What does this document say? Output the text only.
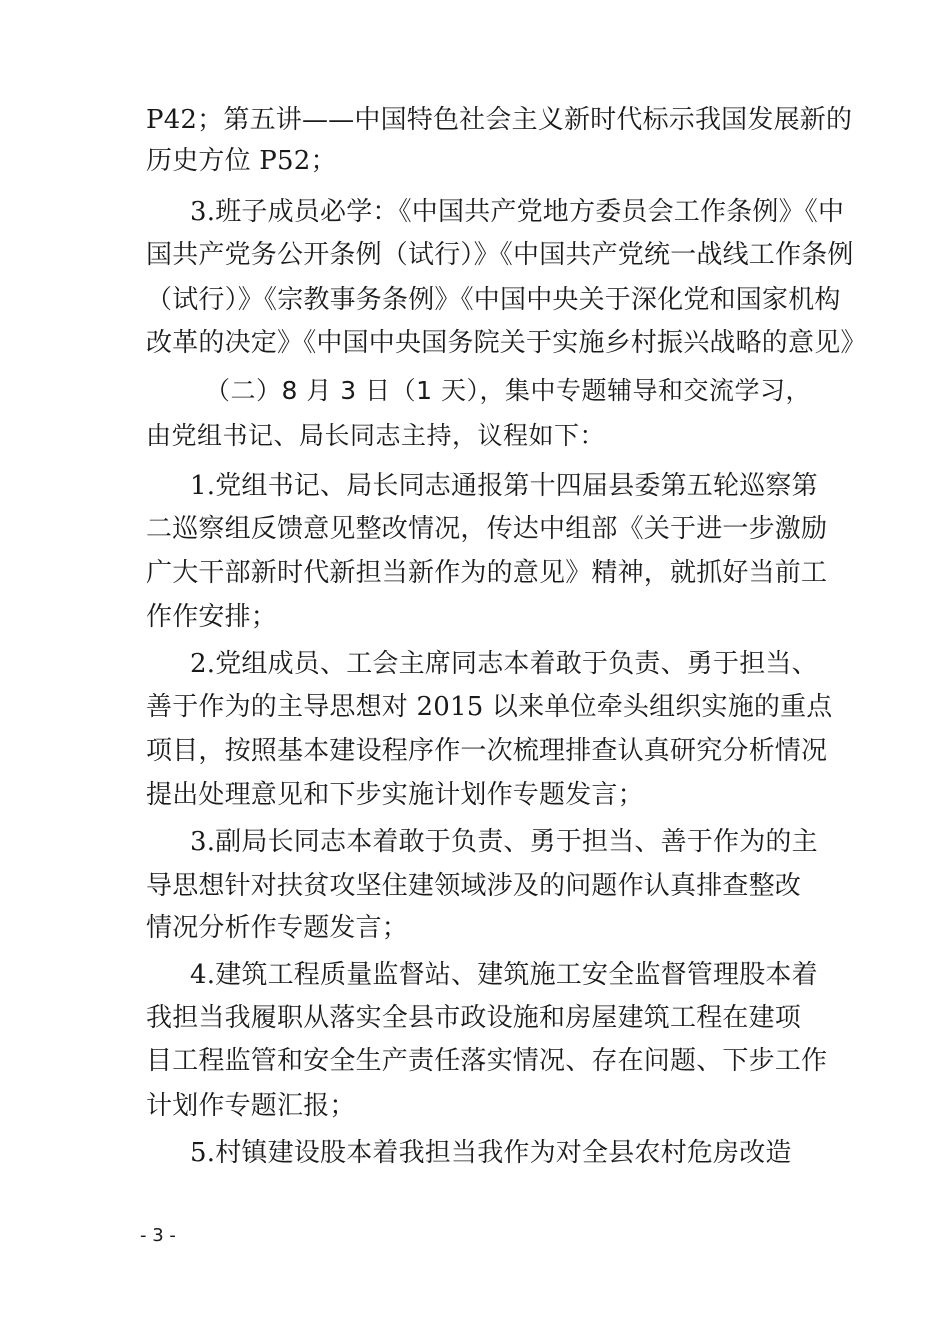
P42；第五讲——中国特色社会主义新时代标示我国发展新的
历史方位 P52；
3.班子成员必学：《中国共产党地方委员会工作条例》《中
国共产党务公开条例（试行）》《中国共产党统一战线工作条例
（试行）》《宗教事务条例》《中国中央关于深化党和国家机构
改革的决定》《中国中央国务院关于实施乡村振兴战略的意见》
（二）8 月 3 日（1 天），集中专题辅导和交流学习，
由党组书记、局长同志主持，议程如下：
1.党组书记、局长同志通报第十四届县委第五轮巡察第
二巡察组反馈意见整改情况，传达中组部《关于进一步激励
广大干部新时代新担当新作为的意见》精神，就抓好当前工
作作安排；
2.党组成员、工会主席同志本着敢于负责、勇于担当、
善于作为的主导思想对 2015 以来单位牵头组织实施的重点
项目，按照基本建设程序作一次梳理排查认真研究分析情况
提出处理意见和下步实施计划作专题发言；
3.副局长同志本着敢于负责、勇于担当、善于作为的主
导思想针对扶贫攻坚住建领域涉及的问题作认真排查整改
情况分析作专题发言；
4.建筑工程质量监督站、建筑施工安全监督管理股本着
我担当我履职从落实全县市政设施和房屋建筑工程在建项
目工程监管和安全生产责任落实情况、存在问题、下步工作
计划作专题汇报；
5.村镇建设股本着我担当我作为对全县农村危房改造
- 3 -
